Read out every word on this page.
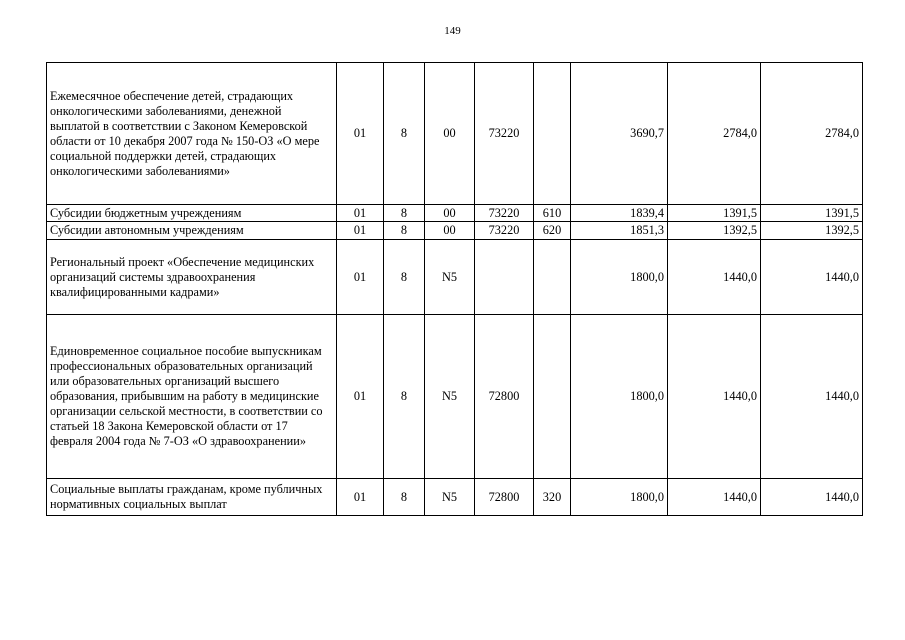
149
Ежемесячное обеспечение детей, страдающих онкологическими заболеваниями, денежной выплатой в соответствии с Законом Кемеровской области от 10 декабря 2007 года № 150-ОЗ «О мере социальной поддержки детей, страдающих онкологическими заболеваниями»	01	8	00	73220		3690,7	2784,0	2784,0
Субсидии бюджетным учреждениям	01	8	00	73220	610	1839,4	1391,5	1391,5
Субсидии автономным учреждениям	01	8	00	73220	620	1851,3	1392,5	1392,5
Региональный проект «Обеспечение медицинских организаций системы здравоохранения квалифицированными кадрами»	01	8	N5			1800,0	1440,0	1440,0
Единовременное социальное пособие выпускникам профессиональных образовательных организаций или образовательных организаций высшего образования, прибывшим на работу в медицинские организации сельской местности, в соответствии со статьей 18 Закона Кемеровской области от 17 февраля 2004 года № 7-ОЗ «О здравоохранении»	01	8	N5	72800		1800,0	1440,0	1440,0
Социальные выплаты гражданам, кроме публичных нормативных социальных выплат	01	8	N5	72800	320	1800,0	1440,0	1440,0
